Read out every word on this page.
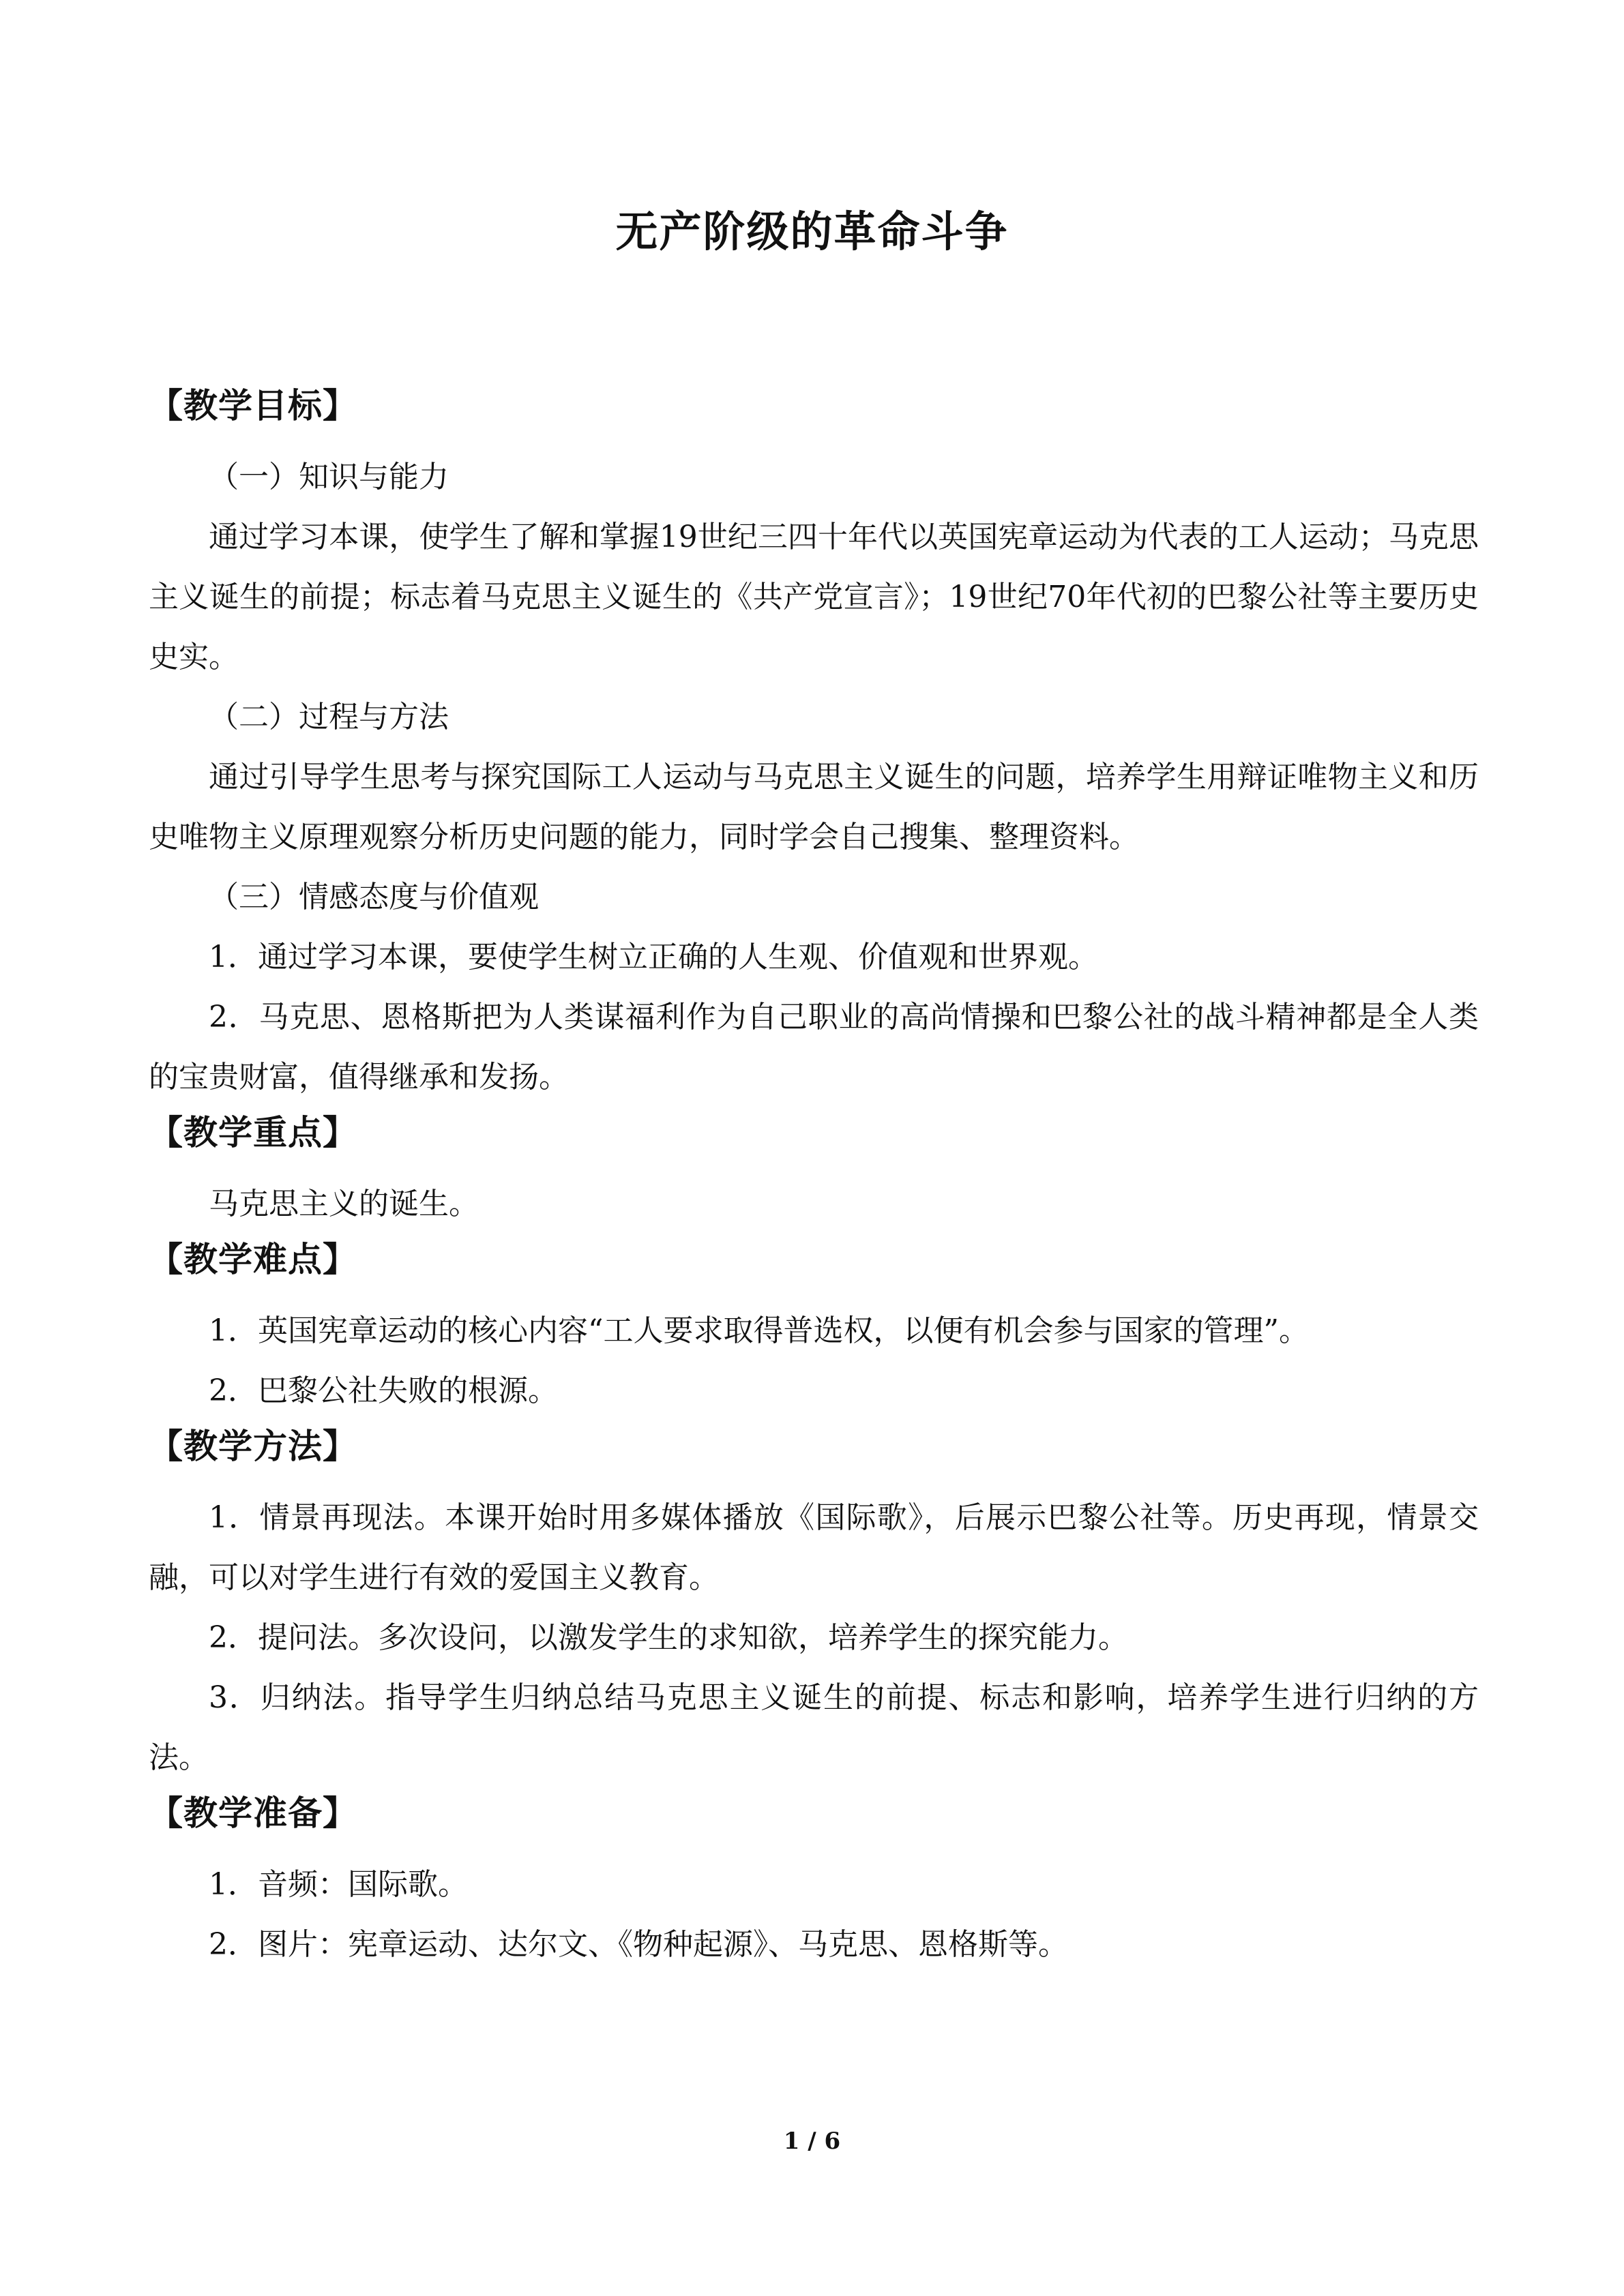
无产阶级的革命斗争

【教学目标】

（一）知识与能力

通过学习本课，使学生了解和掌握19世纪三四十年代以英国宪章运动为代表的工人运动；马克思主义诞生的前提；标志着马克思主义诞生的《共产党宣言》；19世纪70年代初的巴黎公社等主要历史史实。

（二）过程与方法

通过引导学生思考与探究国际工人运动与马克思主义诞生的问题，培养学生用辩证唯物主义和历史唯物主义原理观察分析历史问题的能力，同时学会自己搜集、整理资料。

（三）情感态度与价值观

1．通过学习本课，要使学生树立正确的人生观、价值观和世界观。

2．马克思、恩格斯把为人类谋福利作为自己职业的高尚情操和巴黎公社的战斗精神都是全人类的宝贵财富，值得继承和发扬。

【教学重点】

马克思主义的诞生。

【教学难点】

1．英国宪章运动的核心内容“工人要求取得普选权，以便有机会参与国家的管理”。

2．巴黎公社失败的根源。

【教学方法】

1．情景再现法。本课开始时用多媒体播放《国际歌》，后展示巴黎公社等。历史再现，情景交融，可以对学生进行有效的爱国主义教育。

2．提问法。多次设问，以激发学生的求知欲，培养学生的探究能力。

3．归纳法。指导学生归纳总结马克思主义诞生的前提、标志和影响，培养学生进行归纳的方法。

【教学准备】

1．音频：国际歌。

2．图片：宪章运动、达尔文、《物种起源》、马克思、恩格斯等。

1 / 6
